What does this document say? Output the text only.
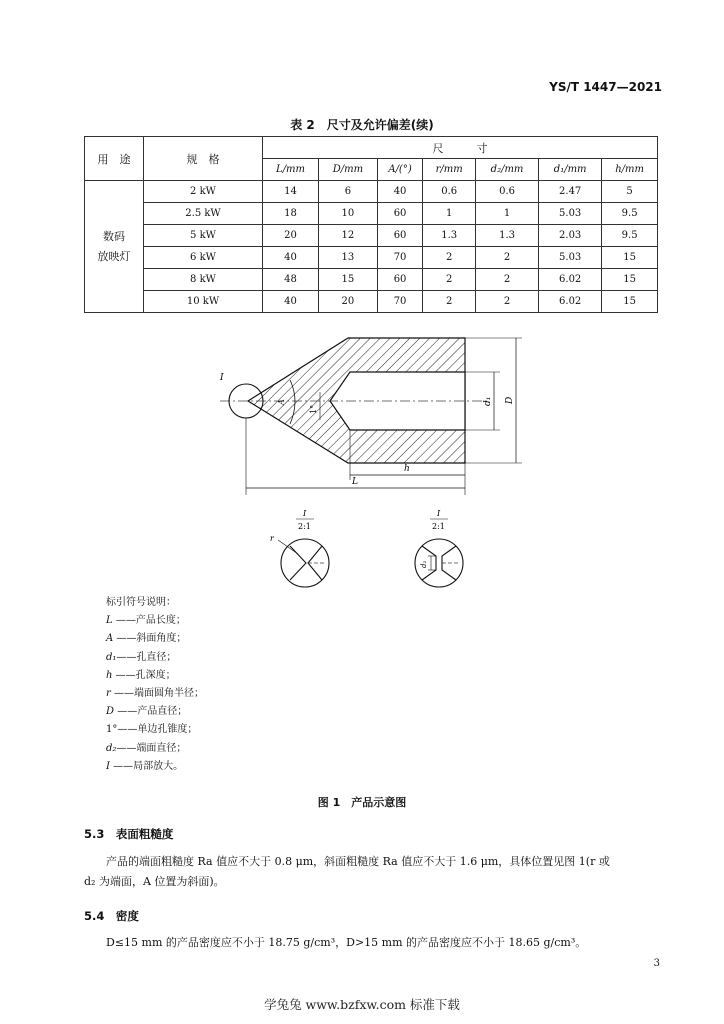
YS/T 1447—2021
表 2　尺寸及允许偏差(续)
用　途	规　格	尺　　　寸						
		L/mm	D/mm	A/(°)	r/mm	d₂/mm	d₁/mm	h/mm
数码
放映灯	2 kW	14	6	40	0.6	0.6	2.47	5
	2.5 kW	18	10	60	1	1	5.03	9.5
	5 kW	20	12	60	1.3	1.3	2.03	9.5
	6 kW	40	13	70	2	2	5.03	15
	8 kW	48	15	60	2	2	6.02	15
	10 kW	40	20	70	2	2	6.02	15
I
A
1°
d₁ D
h
L
I
2:1
r
I
2:1
d₂
标引符号说明：
L ——产品长度；
A ——斜面角度；
d₁——孔直径；
h ——孔深度；
r ——端面圆角半径；
D ——产品直径；
1°——单边孔锥度；
d₂——端面直径；
I ——局部放大。
图 1　产品示意图
5.3　表面粗糙度
产品的端面粗糙度 Ra 值应不大于 0.8 μm，斜面粗糙度 Ra 值应不大于 1.6 μm，具体位置见图 1(r 或
d₂ 为端面，A 位置为斜面)。
5.4　密度
D≤15 mm 的产品密度应不小于 18.75 g/cm³，D>15 mm 的产品密度应不小于 18.65 g/cm³。
3
学兔兔 www.bzfxw.com 标准下载
